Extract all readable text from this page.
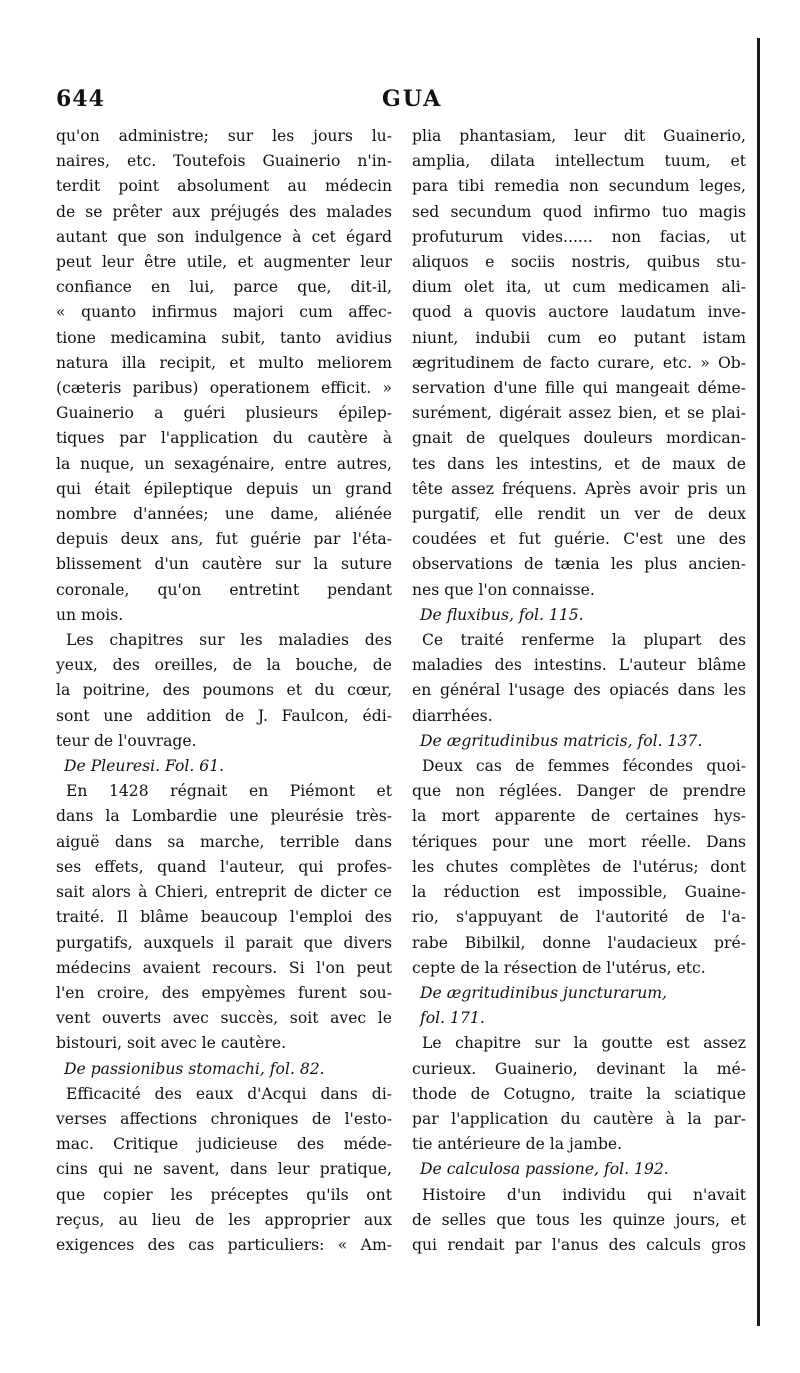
644	GUA
qu'on administre; sur les jours lu-
naires, etc. Toutefois Guainerio n'in-
terdit point absolument au médecin
de se prêter aux préjugés des malades
autant que son indulgence à cet égard
peut leur être utile, et augmenter leur
confiance en lui, parce que, dit-il,
« quanto infirmus majori cum affec-
tione medicamina subit, tanto avidius
natura illa recipit, et multo meliorem
(cæteris paribus) operationem efficit. »
Guainerio a guéri plusieurs épilep-
tiques par l'application du cautère à
la nuque, un sexagénaire, entre autres,
qui était épileptique depuis un grand
nombre d'années; une dame, aliénée
depuis deux ans, fut guérie par l'éta-
blissement d'un cautère sur la suture
coronale, qu'on entretint pendant
un mois.
Les chapitres sur les maladies des
yeux, des oreilles, de la bouche, de
la poitrine, des poumons et du cœur,
sont une addition de J. Faulcon, édi-
teur de l'ouvrage.
De Pleuresi. Fol. 61.
En 1428 régnait en Piémont et
dans la Lombardie une pleurésie très-
aiguë dans sa marche, terrible dans
ses effets, quand l'auteur, qui profes-
sait alors à Chieri, entreprit de dicter ce
traité. Il blâme beaucoup l'emploi des
purgatifs, auxquels il parait que divers
médecins avaient recours. Si l'on peut
l'en croire, des empyèmes furent sou-
vent ouverts avec succès, soit avec le
bistouri, soit avec le cautère.
De passionibus stomachi, fol. 82.
Efficacité des eaux d'Acqui dans di-
verses affections chroniques de l'esto-
mac. Critique judicieuse des méde-
cins qui ne savent, dans leur pratique,
que copier les préceptes qu'ils ont
reçus, au lieu de les approprier aux
exigences des cas particuliers: « Am-
plia phantasiam, leur dit Guainerio,
amplia, dilata intellectum tuum, et
para tibi remedia non secundum leges,
sed secundum quod infirmo tuo magis
profuturum vides...... non facias, ut
aliquos e sociis nostris, quibus stu-
dium olet ita, ut cum medicamen ali-
quod a quovis auctore laudatum inve-
niunt, indubii cum eo putant istam
ægritudinem de facto curare, etc. » Ob-
servation d'une fille qui mangeait déme-
surément, digérait assez bien, et se plai-
gnait de quelques douleurs mordican-
tes dans les intestins, et de maux de
tête assez fréquens. Après avoir pris un
purgatif, elle rendit un ver de deux
coudées et fut guérie. C'est une des
observations de tænia les plus ancien-
nes que l'on connaisse.
De fluxibus, fol. 115.
Ce traité renferme la plupart des
maladies des intestins. L'auteur blâme
en général l'usage des opiacés dans les
diarrhées.
De ægritudinibus matricis, fol. 137.
Deux cas de femmes fécondes quoi-
que non réglées. Danger de prendre
la mort apparente de certaines hys-
tériques pour une mort réelle. Dans
les chutes complètes de l'utérus; dont
la réduction est impossible, Guaine-
rio, s'appuyant de l'autorité de l'a-
rabe Bibilkil, donne l'audacieux pré-
cepte de la résection de l'utérus, etc.
De ægritudinibus juncturarum,
fol. 171.
Le chapitre sur la goutte est assez
curieux. Guainerio, devinant la mé-
thode de Cotugno, traite la sciatique
par l'application du cautère à la par-
tie antérieure de la jambe.
De calculosa passione, fol. 192.
Histoire d'un individu qui n'avait
de selles que tous les quinze jours, et
qui rendait par l'anus des calculs gros
